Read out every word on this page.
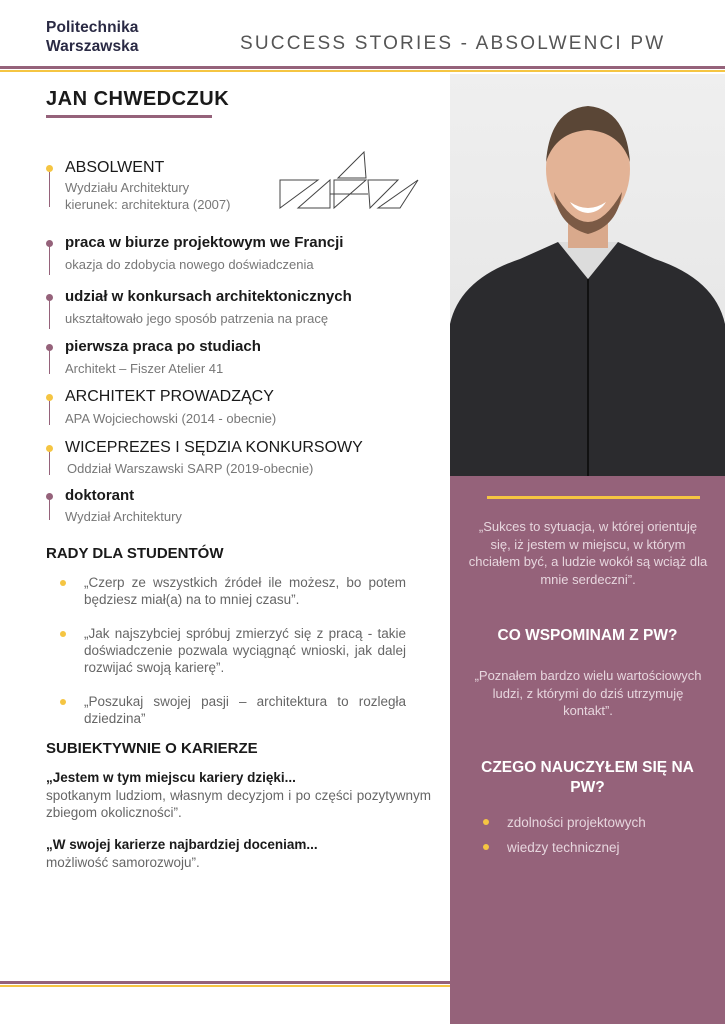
Politechnika
Warszawska	SUCCESS STORIES - ABSOLWENCI PW
„Sukces to sytuacja, w której orientuję się, iż jestem w miejscu, w którym chciałem być, a ludzie wokół są wciąż dla mnie serdeczni”.
CO WSPOMINAM Z PW?
„Poznałem bardzo wielu wartościowych ludzi, z którymi do dziś utrzymuję kontakt”.
CZEGO NAUCZYŁEM SIĘ NA PW?
zdolności projektowych
wiedzy technicznej
JAN CHWEDCZUK
ABSOLWENT
Wydziału Architektury
kierunek: architektura (2007)
praca w biurze projektowym we Francji
okazja do zdobycia nowego doświadczenia
udział w konkursach architektonicznych
ukształtowało jego sposób patrzenia na pracę
pierwsza praca po studiach
Architekt – Fiszer Atelier 41
ARCHITEKT PROWADZĄCY
APA Wojciechowski (2014 - obecnie)
WICEPREZES I SĘDZIA KONKURSOWY
Oddział Warszawski SARP (2019-obecnie)
doktorant
Wydział Architektury
RADY DLA STUDENTÓW
„Czerp ze wszystkich źródeł ile możesz, bo potem będziesz miał(a) na to mniej czasu”.
„Jak najszybciej spróbuj zmierzyć się z pracą - takie doświadczenie pozwala wyciągnąć wnioski, jak dalej rozwijać swoją karierę”.
„Poszukaj swojej pasji – architektura to rozległa dziedzina”
SUBIEKTYWNIE O KARIERZE
„Jestem w tym miejscu kariery dzięki...
spotkanym ludziom, własnym decyzjom i po części pozytywnym zbiegom okoliczności”.
„W swojej karierze najbardziej doceniam...
możliwość samorozwoju”.
